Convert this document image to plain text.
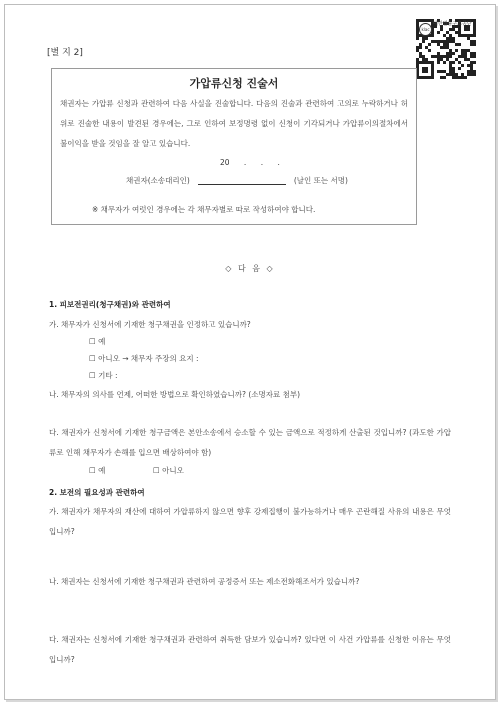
[별 지 2]
klac
대한법률구조공단
가압류신청 진술서
채권자는 가압류 신청과 관련하여 다음 사실을 진술합니다. 다음의 진술과 관련하여 고의로 누락하거나 허위로 진술한 내용이 발견된 경우에는, 그로 인하여 보정명령 없이 신청이 기각되거나 가압류이의절차에서 불이익을 받을 것임을 잘 알고 있습니다.
20 . . .
채권자(소송대리인)	(날인 또는 서명)
※ 채무자가 여럿인 경우에는 각 채무자별로 따로 작성하여야 합니다.
◇ 다 음 ◇
1. 피보전권리(청구채권)와 관련하여
가. 채무자가 신청서에 기재한 청구채권을 인정하고 있습니까?
☐ 예
☐ 아니오 → 채무자 주장의 요지 :
☐ 기타 :
나. 채무자의 의사를 언제, 어떠한 방법으로 확인하였습니까? (소명자료 첨부)
다. 채권자가 신청서에 기재한 청구금액은 본안소송에서 승소할 수 있는 금액으로 적정하게 산출된 것입니까? (과도한 가압류로 인해 채무자가 손해를 입으면 배상하여야 함)
☐ 예	☐ 아니오
2. 보전의 필요성과 관련하여
가. 채권자가 채무자의 재산에 대하여 가압류하지 않으면 향후 강제집행이 불가능하거나 매우 곤란해질 사유의 내용은 무엇입니까?
나. 채권자는 신청서에 기재한 청구채권과 관련하여 공정증서 또는 제소전화해조서가 있습니까?
다. 채권자는 신청서에 기재한 청구채권과 관련하여 취득한 담보가 있습니까? 있다면 이 사건 가압류를 신청한 이유는 무엇입니까?
